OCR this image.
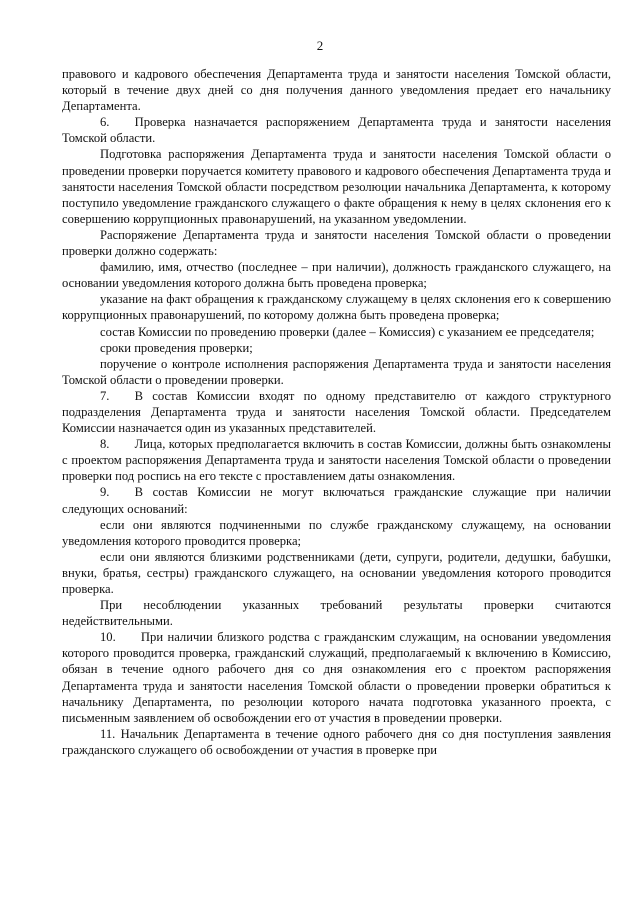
2

правового и кадрового обеспечения Департамента труда и занятости населения Томской области, который в течение двух дней со дня получения данного уведомления предает его начальнику Департамента.

6.  Проверка назначается распоряжением Департамента труда и занятости населения Томской области.

Подготовка распоряжения Департамента труда и занятости населения Томской области о проведении проверки поручается комитету правового и кадрового обеспечения Департамента труда и занятости населения Томской области посредством резолюции начальника Департамента, к которому поступило уведомление гражданского служащего о факте обращения к нему в целях склонения его к совершению коррупционных правонарушений, на указанном уведомлении.

Распоряжение Департамента труда и занятости населения Томской области о проведении проверки должно содержать:

фамилию, имя, отчество (последнее – при наличии), должность гражданского служащего, на основании уведомления которого должна быть проведена проверка;

указание на факт обращения к гражданскому служащему в целях склонения его к совершению коррупционных правонарушений, по которому должна быть проведена проверка;

состав Комиссии по проведению проверки (далее – Комиссия) с указанием ее председателя;

сроки проведения проверки;

поручение о контроле исполнения распоряжения Департамента труда и занятости населения Томской области о проведении проверки.

7.  В состав Комиссии входят по одному представителю от каждого структурного подразделения Департамента труда и занятости населения Томской области. Председателем Комиссии назначается один из указанных представителей.

8.  Лица, которых предполагается включить в состав Комиссии, должны быть ознакомлены с проектом распоряжения Департамента труда и занятости населения Томской области о проведении проверки под роспись на его тексте с проставлением даты ознакомления.

9.  В состав Комиссии не могут включаться гражданские служащие при наличии следующих оснований:

если они являются подчиненными по службе гражданскому служащему, на основании уведомления которого проводится проверка;

если они являются близкими родственниками (дети, супруги, родители, дедушки, бабушки, внуки, братья, сестры) гражданского служащего, на основании уведомления которого проводится проверка.

При несоблюдении указанных требований результаты проверки считаются недействительными.

10.  При наличии близкого родства с гражданским служащим, на основании уведомления которого проводится проверка, гражданский служащий, предполагаемый к включению в Комиссию, обязан в течение одного рабочего дня со дня ознакомления его с проектом распоряжения Департамента труда и занятости населения Томской области о проведении проверки обратиться к начальнику Департамента, по резолюции которого начата подготовка указанного проекта, с письменным заявлением об освобождении его от участия в проведении проверки.

11. Начальник Департамента в течение одного рабочего дня со дня поступления заявления гражданского служащего об освобождении от участия в проверке при
